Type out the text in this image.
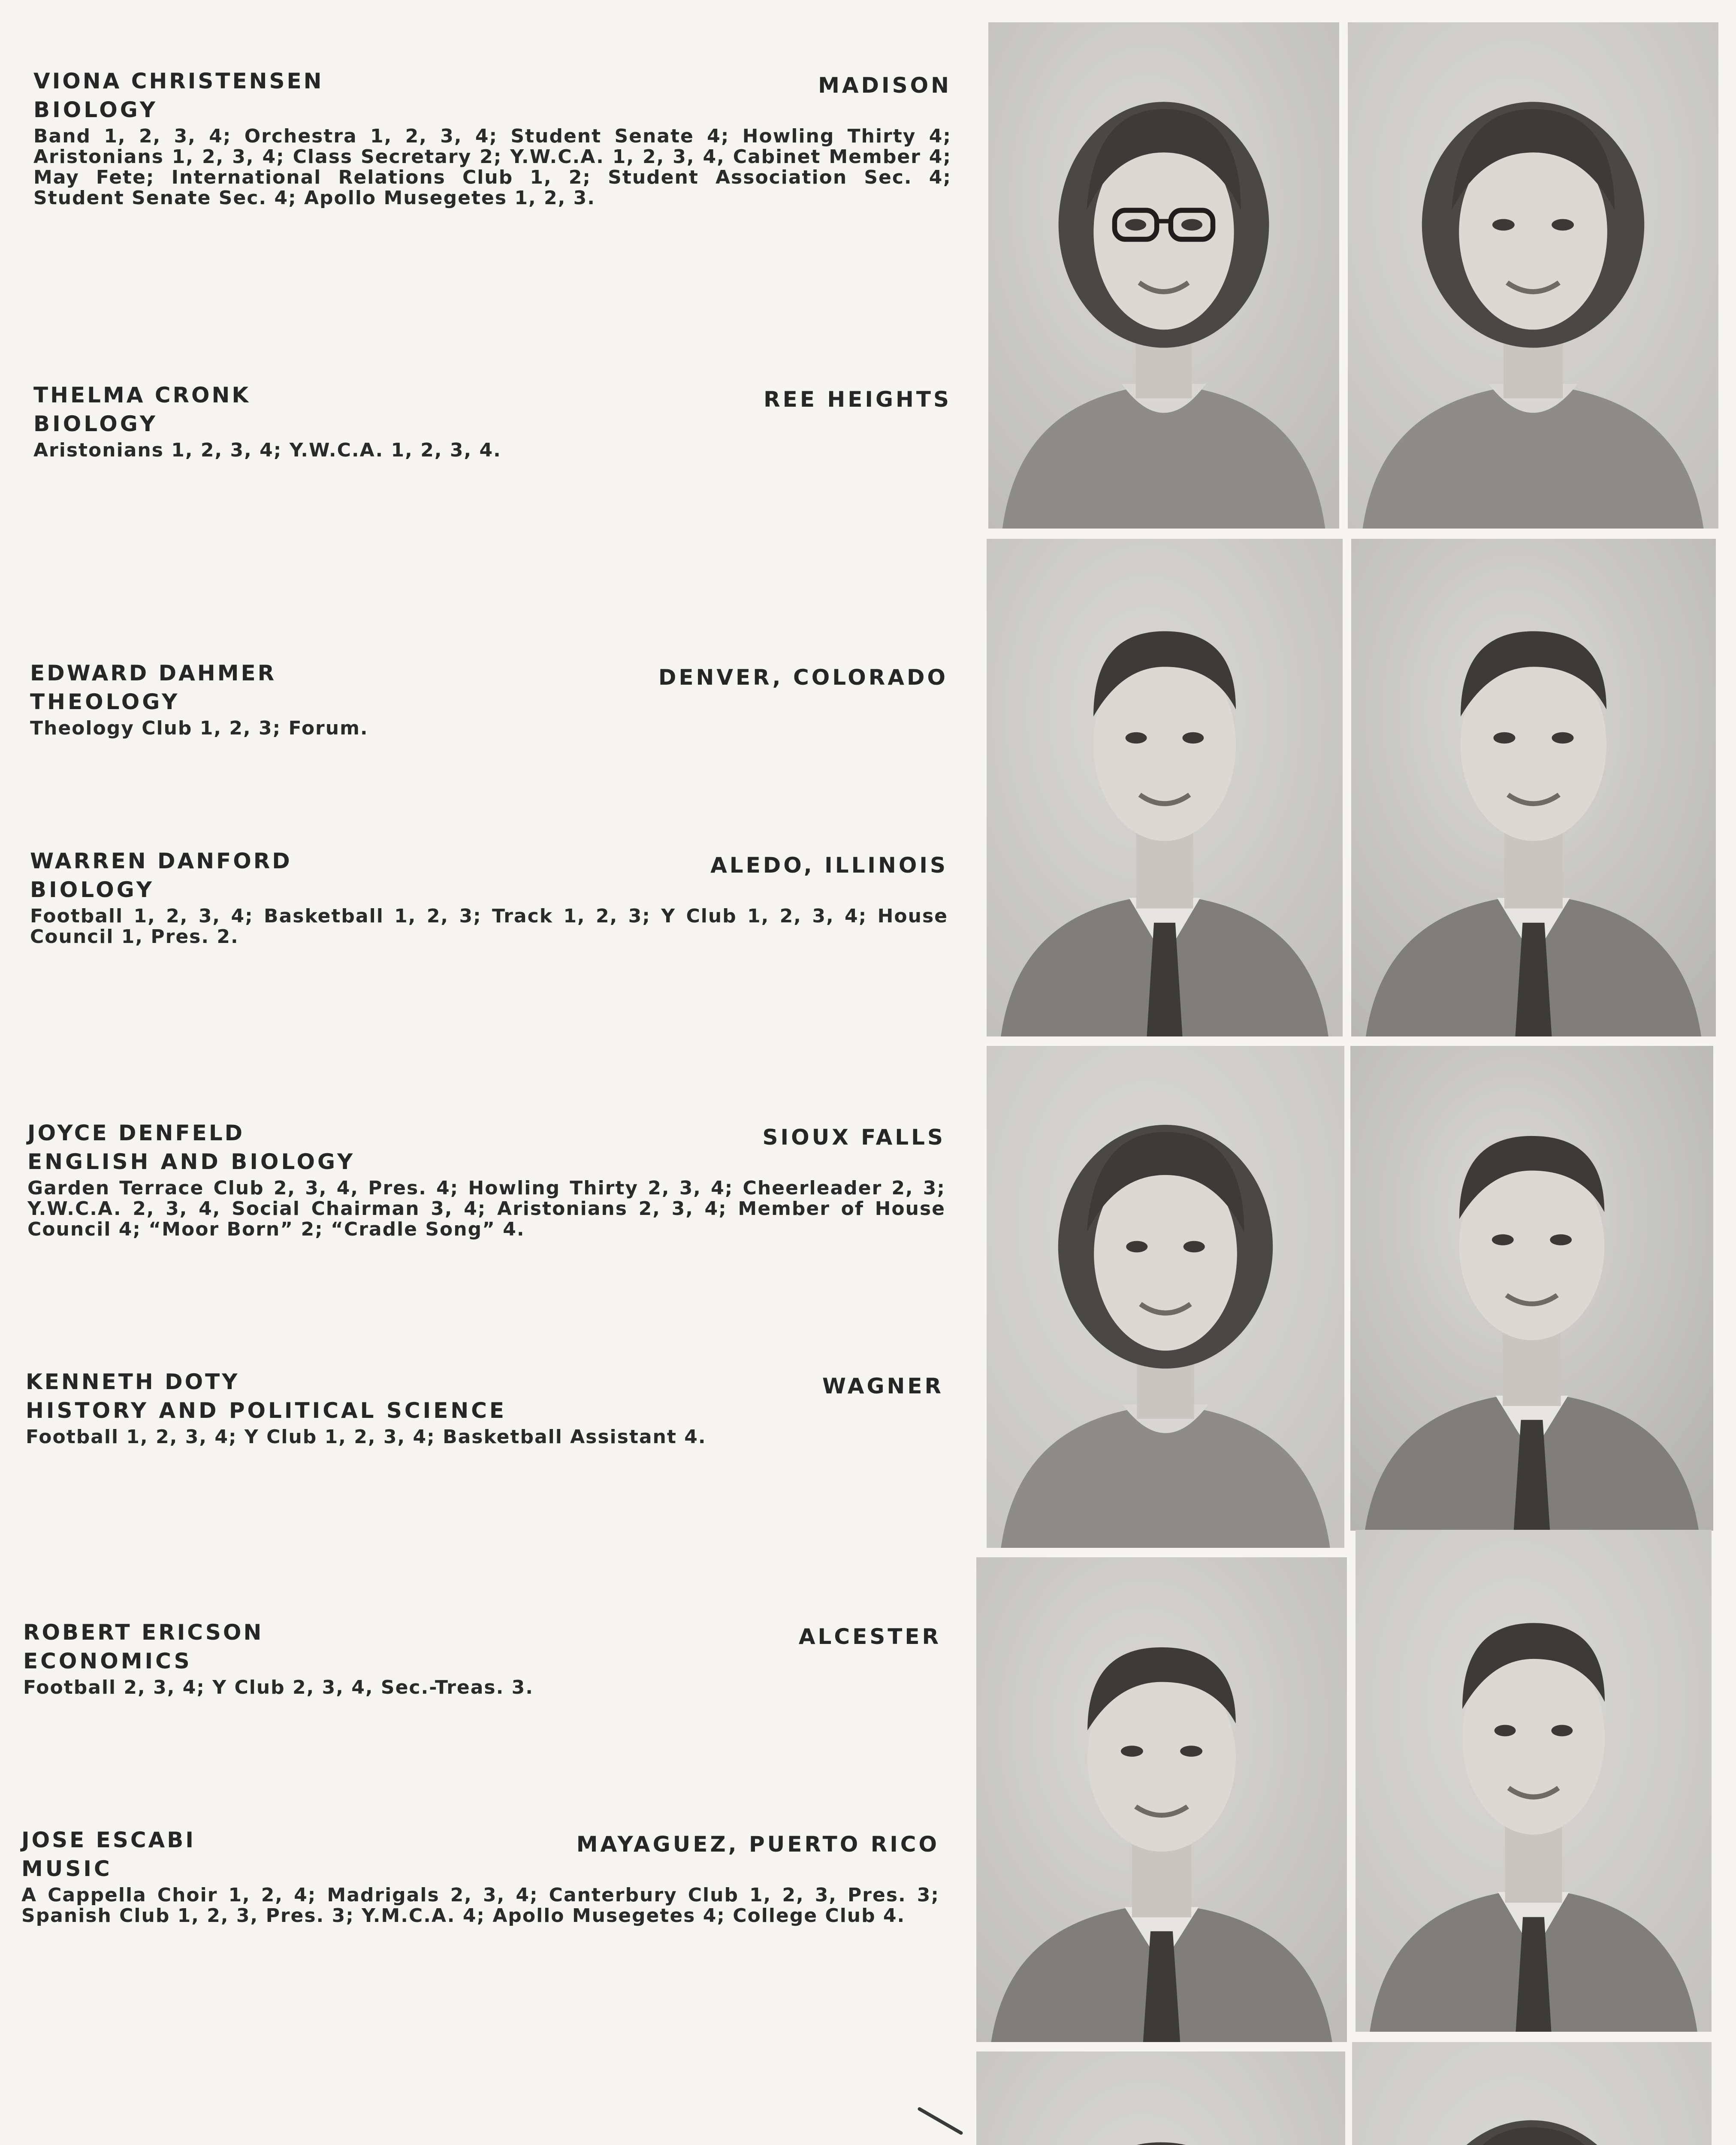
VIONA CHRISTENSEN	MADISON
BIOLOGY
Band 1, 2, 3, 4; Orchestra 1, 2, 3, 4; Student Senate 4; Howling Thirty 4; Aristonians 1, 2, 3, 4; Class Secretary 2; Y.W.C.A. 1, 2, 3, 4, Cabinet Member 4; May Fete; International Relations Club 1, 2; Student Association Sec. 4; Student Senate Sec. 4; Apollo Musegetes 1, 2, 3.
THELMA CRONK	REE HEIGHTS
BIOLOGY
Aristonians 1, 2, 3, 4; Y.W.C.A. 1, 2, 3, 4.
EDWARD DAHMER	DENVER, COLORADO
THEOLOGY
Theology Club 1, 2, 3; Forum.
WARREN DANFORD	ALEDO, ILLINOIS
BIOLOGY
Football 1, 2, 3, 4; Basketball 1, 2, 3; Track 1, 2, 3; Y Club 1, 2, 3, 4; House Council 1, Pres. 2.
JOYCE DENFELD	SIOUX FALLS
ENGLISH AND BIOLOGY
Garden Terrace Club 2, 3, 4, Pres. 4; Howling Thirty 2, 3, 4; Cheerleader 2, 3; Y.W.C.A. 2, 3, 4, Social Chairman 3, 4; Aristonians 2, 3, 4; Member of House Council 4; “Moor Born” 2; “Cradle Song” 4.
KENNETH DOTY	WAGNER
HISTORY AND POLITICAL SCIENCE
Football 1, 2, 3, 4; Y Club 1, 2, 3, 4; Basketball Assistant 4.
ROBERT ERICSON	ALCESTER
ECONOMICS
Football 2, 3, 4; Y Club 2, 3, 4, Sec.-Treas. 3.
JOSE ESCABI	MAYAGUEZ, PUERTO RICO
MUSIC
A Cappella Choir 1, 2, 4; Madrigals 2, 3, 4; Canterbury Club 1, 2, 3, Pres. 3; Spanish Club 1, 2, 3, Pres. 3; Y.M.C.A. 4; Apollo Musegetes 4; College Club 4.
